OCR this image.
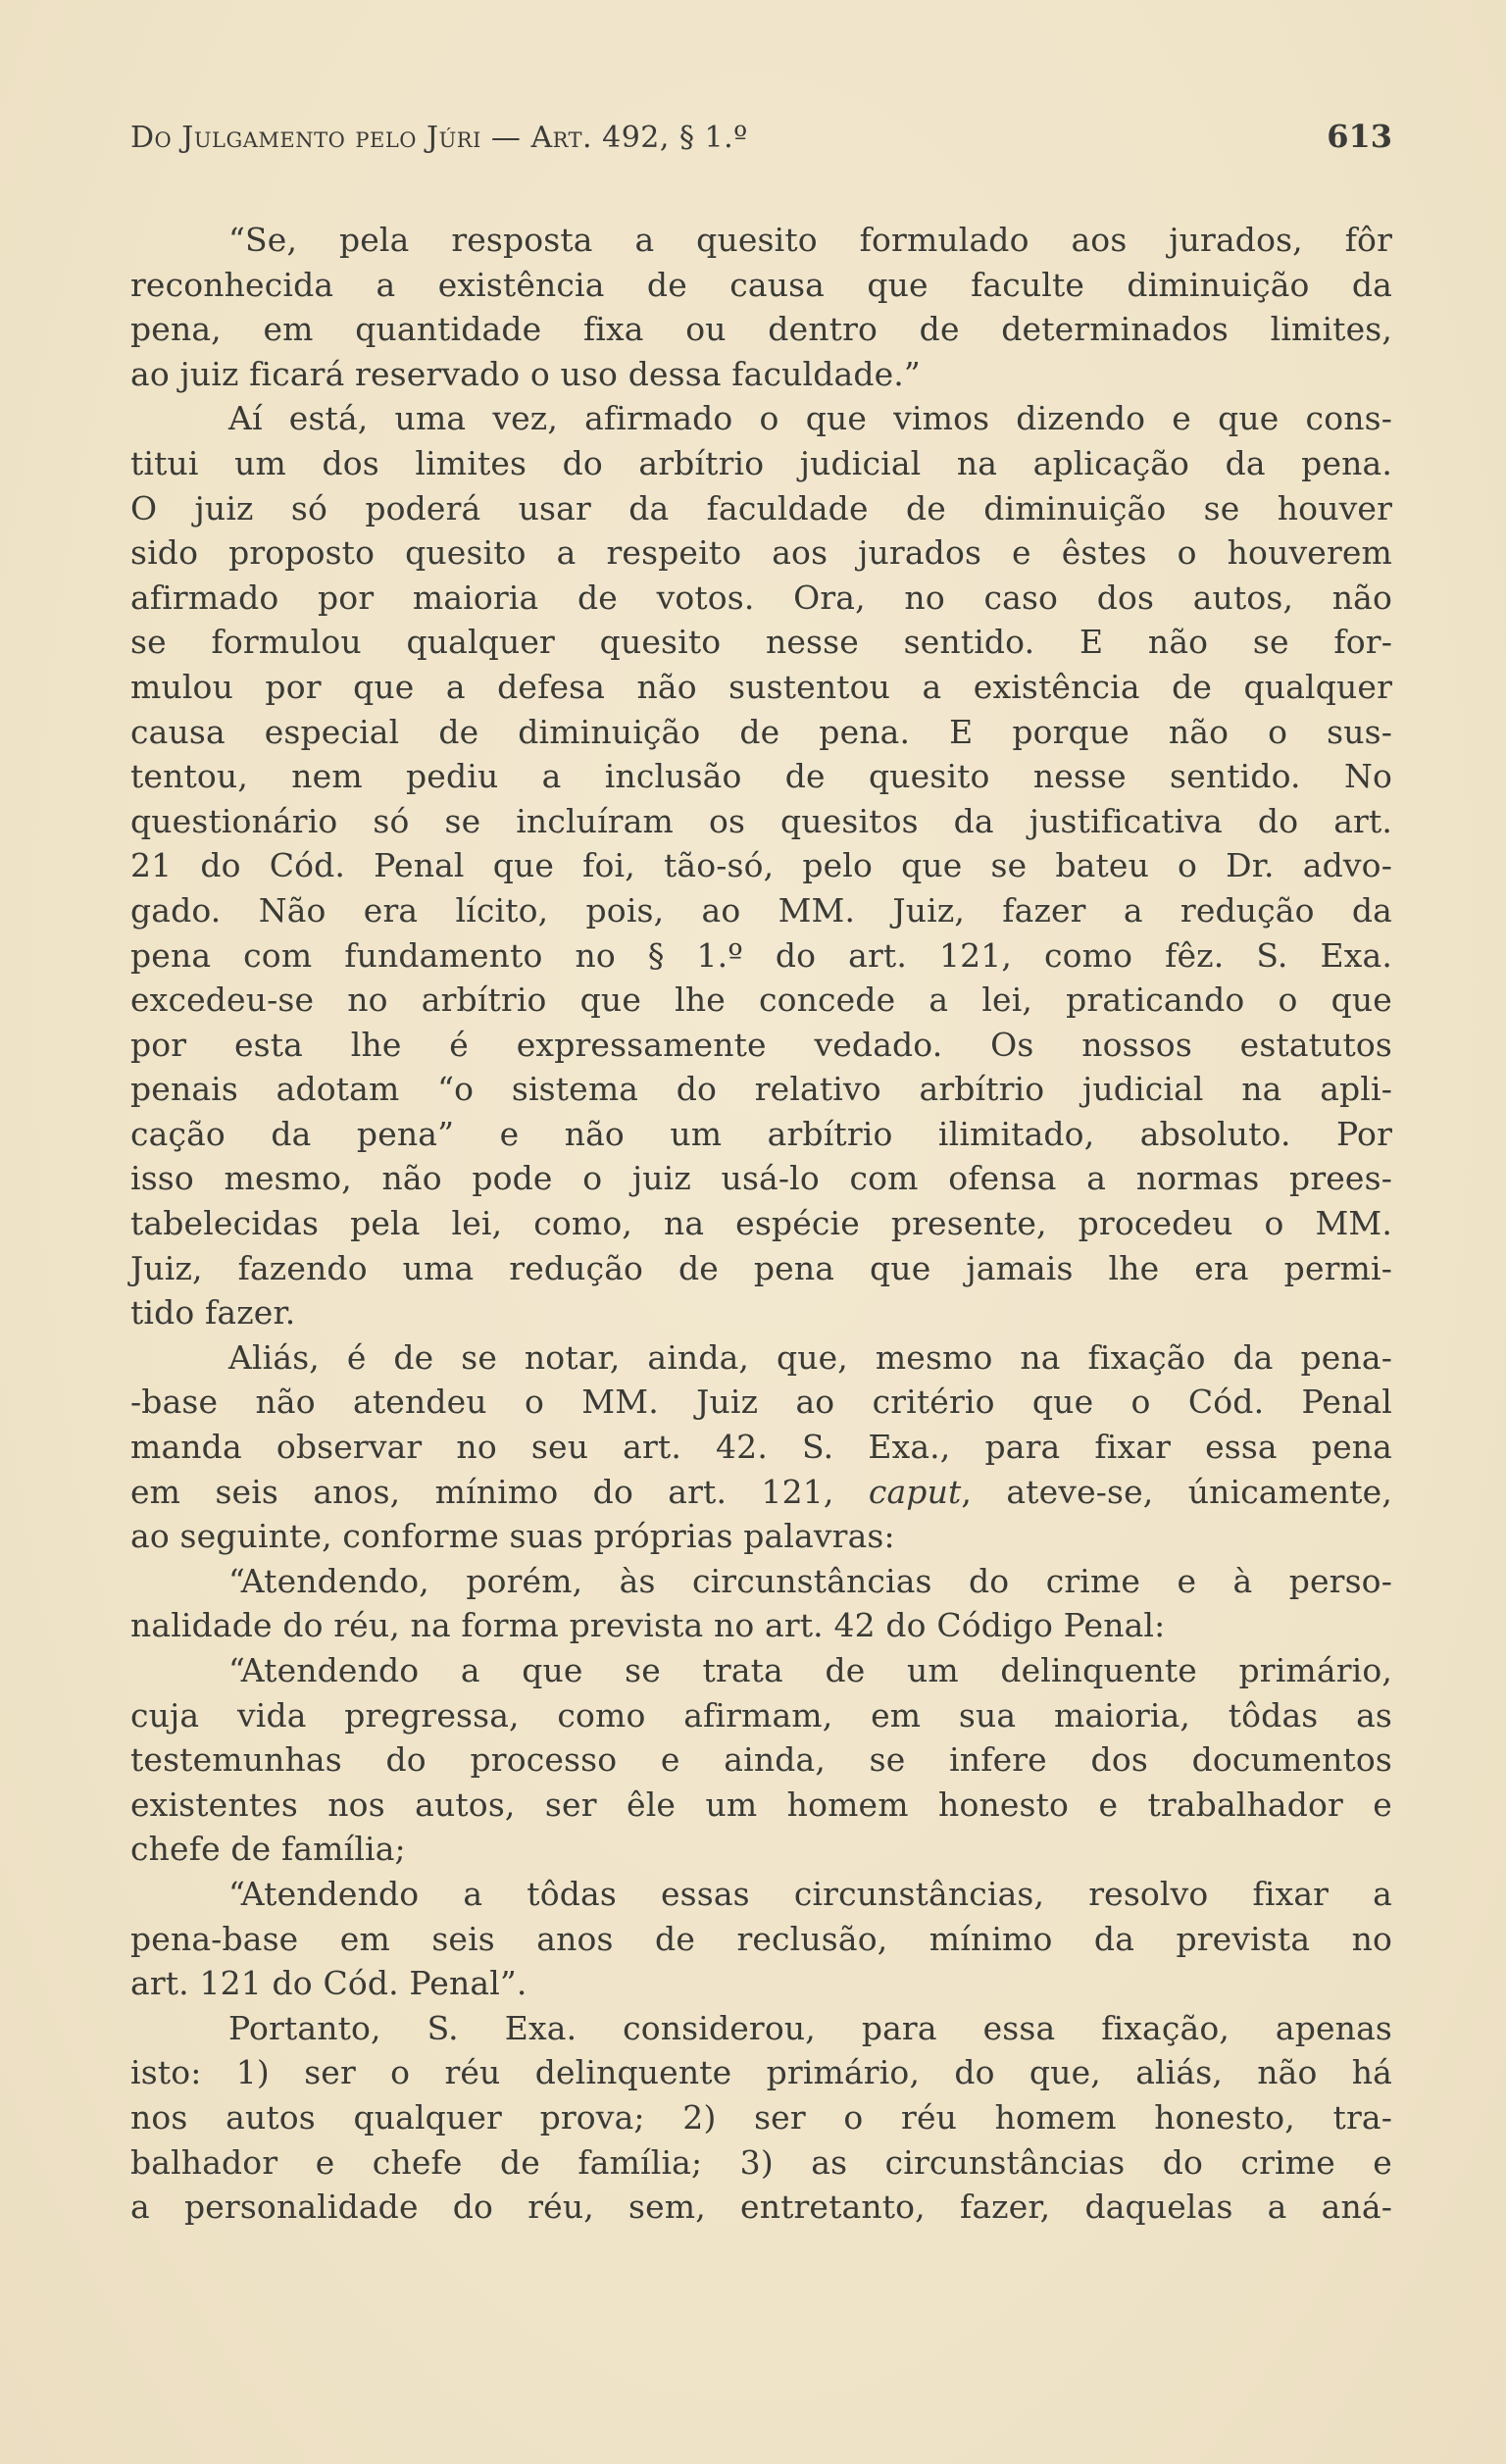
Do Julgamento pelo Júri — Art. 492, § 1.º	613
“Se, pela resposta a quesito formulado aos jurados, fôr
reconhecida a existência de causa que faculte diminuição da
pena, em quantidade fixa ou dentro de determinados limites,
ao juiz ficará reservado o uso dessa faculdade.”
Aí está, uma vez, afirmado o que vimos dizendo e que cons-
titui um dos limites do arbítrio judicial na aplicação da pena.
O juiz só poderá usar da faculdade de diminuição se houver
sido proposto quesito a respeito aos jurados e êstes o houverem
afirmado por maioria de votos. Ora, no caso dos autos, não
se formulou qualquer quesito nesse sentido. E não se for-
mulou por que a defesa não sustentou a existência de qualquer
causa especial de diminuição de pena. E porque não o sus-
tentou, nem pediu a inclusão de quesito nesse sentido. No
questionário só se incluíram os quesitos da justificativa do art.
21 do Cód. Penal que foi, tão-só, pelo que se bateu o Dr. advo-
gado. Não era lícito, pois, ao MM. Juiz, fazer a redução da
pena com fundamento no § 1.º do art. 121, como fêz. S. Exa.
excedeu-se no arbítrio que lhe concede a lei, praticando o que
por esta lhe é expressamente vedado. Os nossos estatutos
penais adotam “o sistema do relativo arbítrio judicial na apli-
cação da pena” e não um arbítrio ilimitado, absoluto. Por
isso mesmo, não pode o juiz usá-lo com ofensa a normas prees-
tabelecidas pela lei, como, na espécie presente, procedeu o MM.
Juiz, fazendo uma redução de pena que jamais lhe era permi-
tido fazer.
Aliás, é de se notar, ainda, que, mesmo na fixação da pena-
-base não atendeu o MM. Juiz ao critério que o Cód. Penal
manda observar no seu art. 42. S. Exa., para fixar essa pena
em seis anos, mínimo do art. 121, caput, ateve-se, únicamente,
ao seguinte, conforme suas próprias palavras:
“Atendendo, porém, às circunstâncias do crime e à perso-
nalidade do réu, na forma prevista no art. 42 do Código Penal:
“Atendendo a que se trata de um delinquente primário,
cuja vida pregressa, como afirmam, em sua maioria, tôdas as
testemunhas do processo e ainda, se infere dos documentos
existentes nos autos, ser êle um homem honesto e trabalhador e
chefe de família;
“Atendendo a tôdas essas circunstâncias, resolvo fixar a
pena-base em seis anos de reclusão, mínimo da prevista no
art. 121 do Cód. Penal”.
Portanto, S. Exa. considerou, para essa fixação, apenas
isto: 1) ser o réu delinquente primário, do que, aliás, não há
nos autos qualquer prova; 2) ser o réu homem honesto, tra-
balhador e chefe de família; 3) as circunstâncias do crime e
a personalidade do réu, sem, entretanto, fazer, daquelas a aná-
